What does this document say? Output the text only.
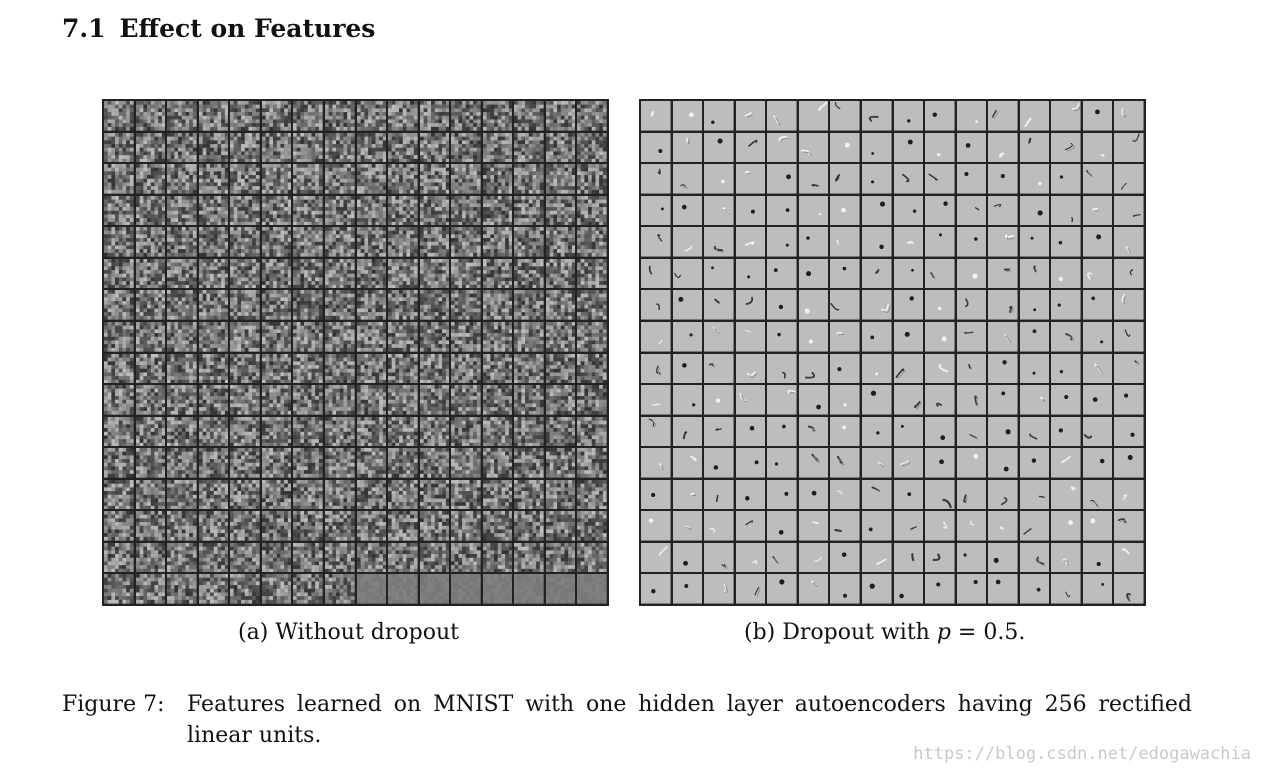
7.1 Effect on Features
(a) Without dropout	(b) Dropout with p = 0.5.
Figure 7: Features learned on MNIST with one hidden layer autoencoders having 256 rectified linear units.
https://blog.csdn.net/edogawachia
